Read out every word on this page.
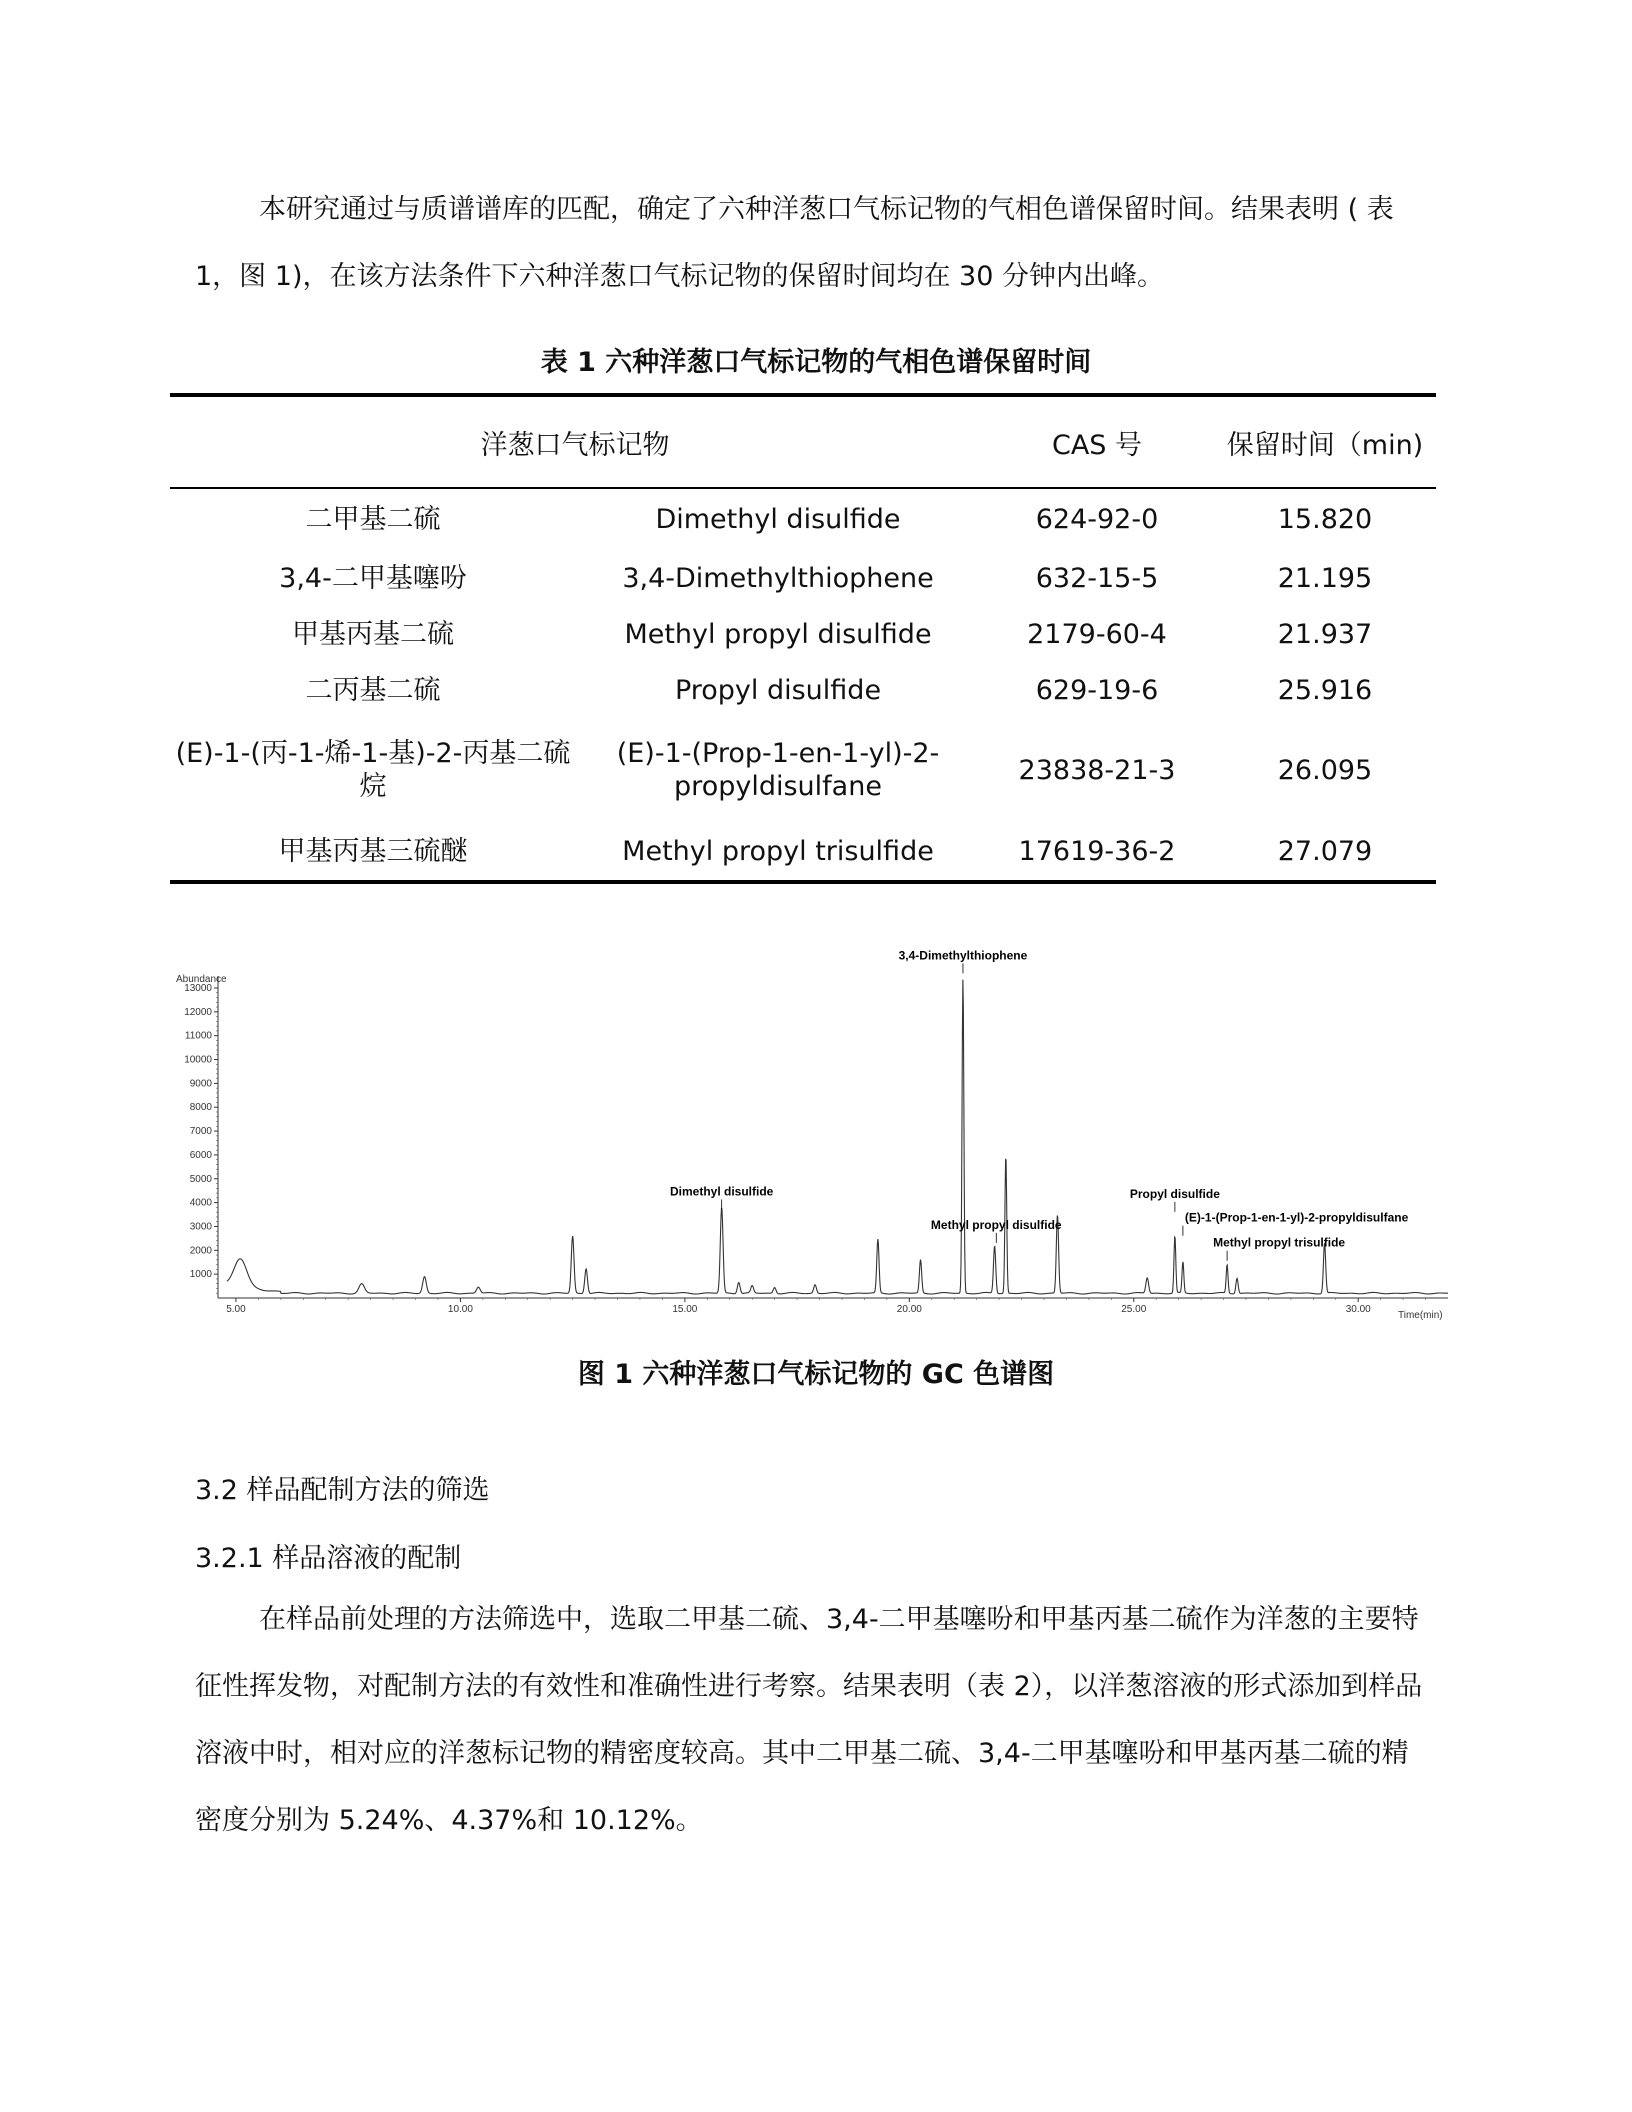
本研究通过与质谱谱库的匹配，确定了六种洋葱口气标记物的气相色谱保留时间。结果表明 ( 表 1，图 1)，在该方法条件下六种洋葱口气标记物的保留时间均在 30 分钟内出峰。

表 1 六种洋葱口气标记物的气相色谱保留时间
洋葱口气标记物		CAS 号	保留时间（min)
二甲基二硫	Dimethyl disulfide	624-92-0	15.820
3,4-二甲基噻吩	3,4-Dimethylthiophene	632-15-5	21.195
甲基丙基二硫	Methyl propyl disulfide	2179-60-4	21.937
二丙基二硫	Propyl disulfide	629-19-6	25.916
(E)-1-(丙-1-烯-1-基)-2-丙基二硫烷	(E)-1-(Prop-1-en-1-yl)-2-propyldisulfane	23838-21-3	26.095
甲基丙基三硫醚	Methyl propyl trisulfide	17619-36-2	27.079
1000
2000
3000
4000
5000
6000
7000
8000
9000
10000
11000
12000
13000
5.00	10.00	15.00	20.00	25.00	30.00
3,4-Dimethylthiophene
Dimethyl disulfide
Methyl propyl disulfide
Propyl disulfide
(E)-1-(Prop-1-en-1-yl)-2-propyldisulfane
Methyl propyl trisulfide
Abundance
Time(min)
图 1 六种洋葱口气标记物的 GC 色谱图
3.2 样品配制方法的筛选
3.2.1 样品溶液的配制

在样品前处理的方法筛选中，选取二甲基二硫、3,4-二甲基噻吩和甲基丙基二硫作为洋葱的主要特征性挥发物，对配制方法的有效性和准确性进行考察。结果表明（表 2），以洋葱溶液的形式添加到样品溶液中时，相对应的洋葱标记物的精密度较高。其中二甲基二硫、3,4-二甲基噻吩和甲基丙基二硫的精密度分别为 5.24%、4.37%和 10.12%。
